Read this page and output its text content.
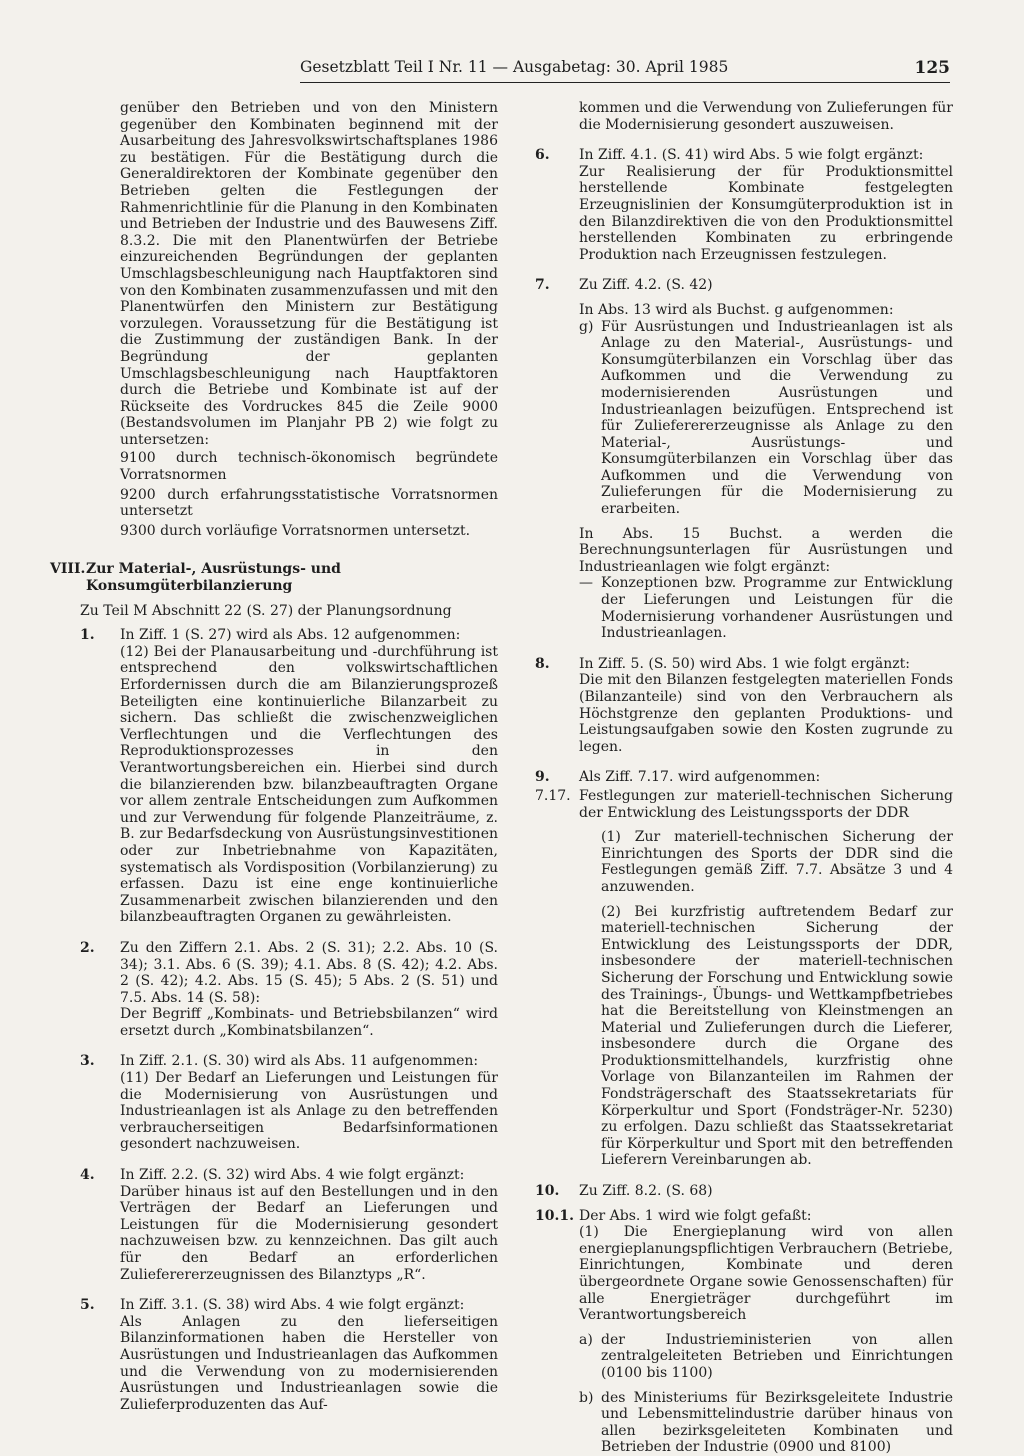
Gesetzblatt Teil I Nr. 11 — Ausgabetag: 30. April 1985	125

genüber den Betrieben und von den Ministern gegenüber den Kombinaten beginnend mit der Ausarbeitung des Jahresvolkswirtschaftsplanes 1986 zu bestätigen. Für die Bestätigung durch die Generaldirektoren der Kombinate gegenüber den Betrieben gelten die Festlegungen der Rahmenrichtlinie für die Planung in den Kombinaten und Betrieben der Industrie und des Bauwesens Ziff. 8.3.2. Die mit den Planentwürfen der Betriebe einzureichenden Begründungen der geplanten Umschlagsbeschleunigung nach Hauptfaktoren sind von den Kombinaten zusammenzufassen und mit den Planentwürfen den Ministern zur Bestätigung vorzulegen. Voraussetzung für die Bestätigung ist die Zustimmung der zuständigen Bank. In der Begründung der geplanten Umschlagsbeschleunigung nach Hauptfaktoren durch die Betriebe und Kombinate ist auf der Rückseite des Vordruckes 845 die Zeile 9000 (Bestandsvolumen im Planjahr PB 2) wie folgt zu untersetzen:

9100 durch technisch-ökonomisch begründete Vorratsnormen

9200 durch erfahrungsstatistische Vorratsnormen untersetzt

9300 durch vorläufige Vorratsnormen untersetzt.

VIII. Zur Material-, Ausrüstungs- und Konsumgüterbilanzierung

Zu Teil M Abschnitt 22 (S. 27) der Planungsordnung

1. In Ziff. 1 (S. 27) wird als Abs. 12 aufgenommen:

(12) Bei der Planausarbeitung und -durchführung ist entsprechend den volkswirtschaftlichen Erfordernissen durch die am Bilanzierungsprozeß Beteiligten eine kontinuierliche Bilanzarbeit zu sichern. Das schließt die zwischenzweiglichen Verflechtungen und die Verflechtungen des Reproduktionsprozesses in den Verantwortungsbereichen ein. Hierbei sind durch die bilanzierenden bzw. bilanzbeauftragten Organe vor allem zentrale Entscheidungen zum Aufkommen und zur Verwendung für folgende Planzeiträume, z. B. zur Bedarfsdeckung von Ausrüstungsinvestitionen oder zur Inbetriebnahme von Kapazitäten, systematisch als Vordisposition (Vorbilanzierung) zu erfassen. Dazu ist eine enge kontinuierliche Zusammenarbeit zwischen bilanzierenden und den bilanzbeauftragten Organen zu gewährleisten.

2. Zu den Ziffern 2.1. Abs. 2 (S. 31); 2.2. Abs. 10 (S. 34); 3.1. Abs. 6 (S. 39); 4.1. Abs. 8 (S. 42); 4.2. Abs. 2 (S. 42); 4.2. Abs. 15 (S. 45); 5 Abs. 2 (S. 51) und 7.5. Abs. 14 (S. 58):

Der Begriff „Kombinats- und Betriebsbilanzen“ wird ersetzt durch „Kombinatsbilanzen“.

3. In Ziff. 2.1. (S. 30) wird als Abs. 11 aufgenommen:

(11) Der Bedarf an Lieferungen und Leistungen für die Modernisierung von Ausrüstungen und Industrieanlagen ist als Anlage zu den betreffenden verbraucherseitigen Bedarfsinformationen gesondert nachzuweisen.

4. In Ziff. 2.2. (S. 32) wird Abs. 4 wie folgt ergänzt:

Darüber hinaus ist auf den Bestellungen und in den Verträgen der Bedarf an Lieferungen und Leistungen für die Modernisierung gesondert nachzuweisen bzw. zu kennzeichnen. Das gilt auch für den Bedarf an erforderlichen Zulieferererzeugnissen des Bilanztyps „R“.

5. In Ziff. 3.1. (S. 38) wird Abs. 4 wie folgt ergänzt:

Als Anlagen zu den lieferseitigen Bilanzinformationen haben die Hersteller von Ausrüstungen und Industrieanlagen das Aufkommen und die Verwendung von zu modernisierenden Ausrüstungen und Industrieanlagen sowie die Zulieferproduzenten das Auf-

kommen und die Verwendung von Zulieferungen für die Modernisierung gesondert auszuweisen.

6. In Ziff. 4.1. (S. 41) wird Abs. 5 wie folgt ergänzt:

Zur Realisierung der für Produktionsmittel herstellende Kombinate festgelegten Erzeugnislinien der Konsumgüterproduktion ist in den Bilanzdirektiven die von den Produktionsmittel herstellenden Kombinaten zu erbringende Produktion nach Erzeugnissen festzulegen.

7. Zu Ziff. 4.2. (S. 42)

In Abs. 13 wird als Buchst. g aufgenommen:

g) Für Ausrüstungen und Industrieanlagen ist als Anlage zu den Material-, Ausrüstungs- und Konsumgüterbilanzen ein Vorschlag über das Aufkommen und die Verwendung zu modernisierenden Ausrüstungen und Industrieanlagen beizufügen. Entsprechend ist für Zulieferererzeugnisse als Anlage zu den Material-, Ausrüstungs- und Konsumgüterbilanzen ein Vorschlag über das Aufkommen und die Verwendung von Zulieferungen für die Modernisierung zu erarbeiten.

In Abs. 15 Buchst. a werden die Berechnungsunterlagen für Ausrüstungen und Industrieanlagen wie folgt ergänzt:

— Konzeptionen bzw. Programme zur Entwicklung der Lieferungen und Leistungen für die Modernisierung vorhandener Ausrüstungen und Industrieanlagen.

8. In Ziff. 5. (S. 50) wird Abs. 1 wie folgt ergänzt:

Die mit den Bilanzen festgelegten materiellen Fonds (Bilanzanteile) sind von den Verbrauchern als Höchstgrenze den geplanten Produktions- und Leistungsaufgaben sowie den Kosten zugrunde zu legen.

9. Als Ziff. 7.17. wird aufgenommen:

7.17. Festlegungen zur materiell-technischen Sicherung der Entwicklung des Leistungssports der DDR

(1) Zur materiell-technischen Sicherung der Einrichtungen des Sports der DDR sind die Festlegungen gemäß Ziff. 7.7. Absätze 3 und 4 anzuwenden.

(2) Bei kurzfristig auftretendem Bedarf zur materiell-technischen Sicherung der Entwicklung des Leistungssports der DDR, insbesondere der materiell-technischen Sicherung der Forschung und Entwicklung sowie des Trainings-, Übungs- und Wettkampfbetriebes hat die Bereitstellung von Kleinstmengen an Material und Zulieferungen durch die Lieferer, insbesondere durch die Organe des Produktionsmittelhandels, kurzfristig ohne Vorlage von Bilanzanteilen im Rahmen der Fondsträgerschaft des Staatssekretariats für Körperkultur und Sport (Fondsträger-Nr. 5230) zu erfolgen. Dazu schließt das Staatssekretariat für Körperkultur und Sport mit den betreffenden Lieferern Vereinbarungen ab.

10. Zu Ziff. 8.2. (S. 68)

10.1. Der Abs. 1 wird wie folgt gefaßt:

(1) Die Energieplanung wird von allen energieplanungspflichtigen Verbrauchern (Betriebe, Einrichtungen, Kombinate und deren übergeordnete Organe sowie Genossenschaften) für alle Energieträger durchgeführt im Verantwortungsbereich

a) der Industrieministerien von allen zentralgeleiteten Betrieben und Einrichtungen (0100 bis 1100)

b) des Ministeriums für Bezirksgeleitete Industrie und Lebensmittelindustrie darüber hinaus von allen bezirksgeleiteten Kombinaten und Betrieben der Industrie (0900 und 8100)
